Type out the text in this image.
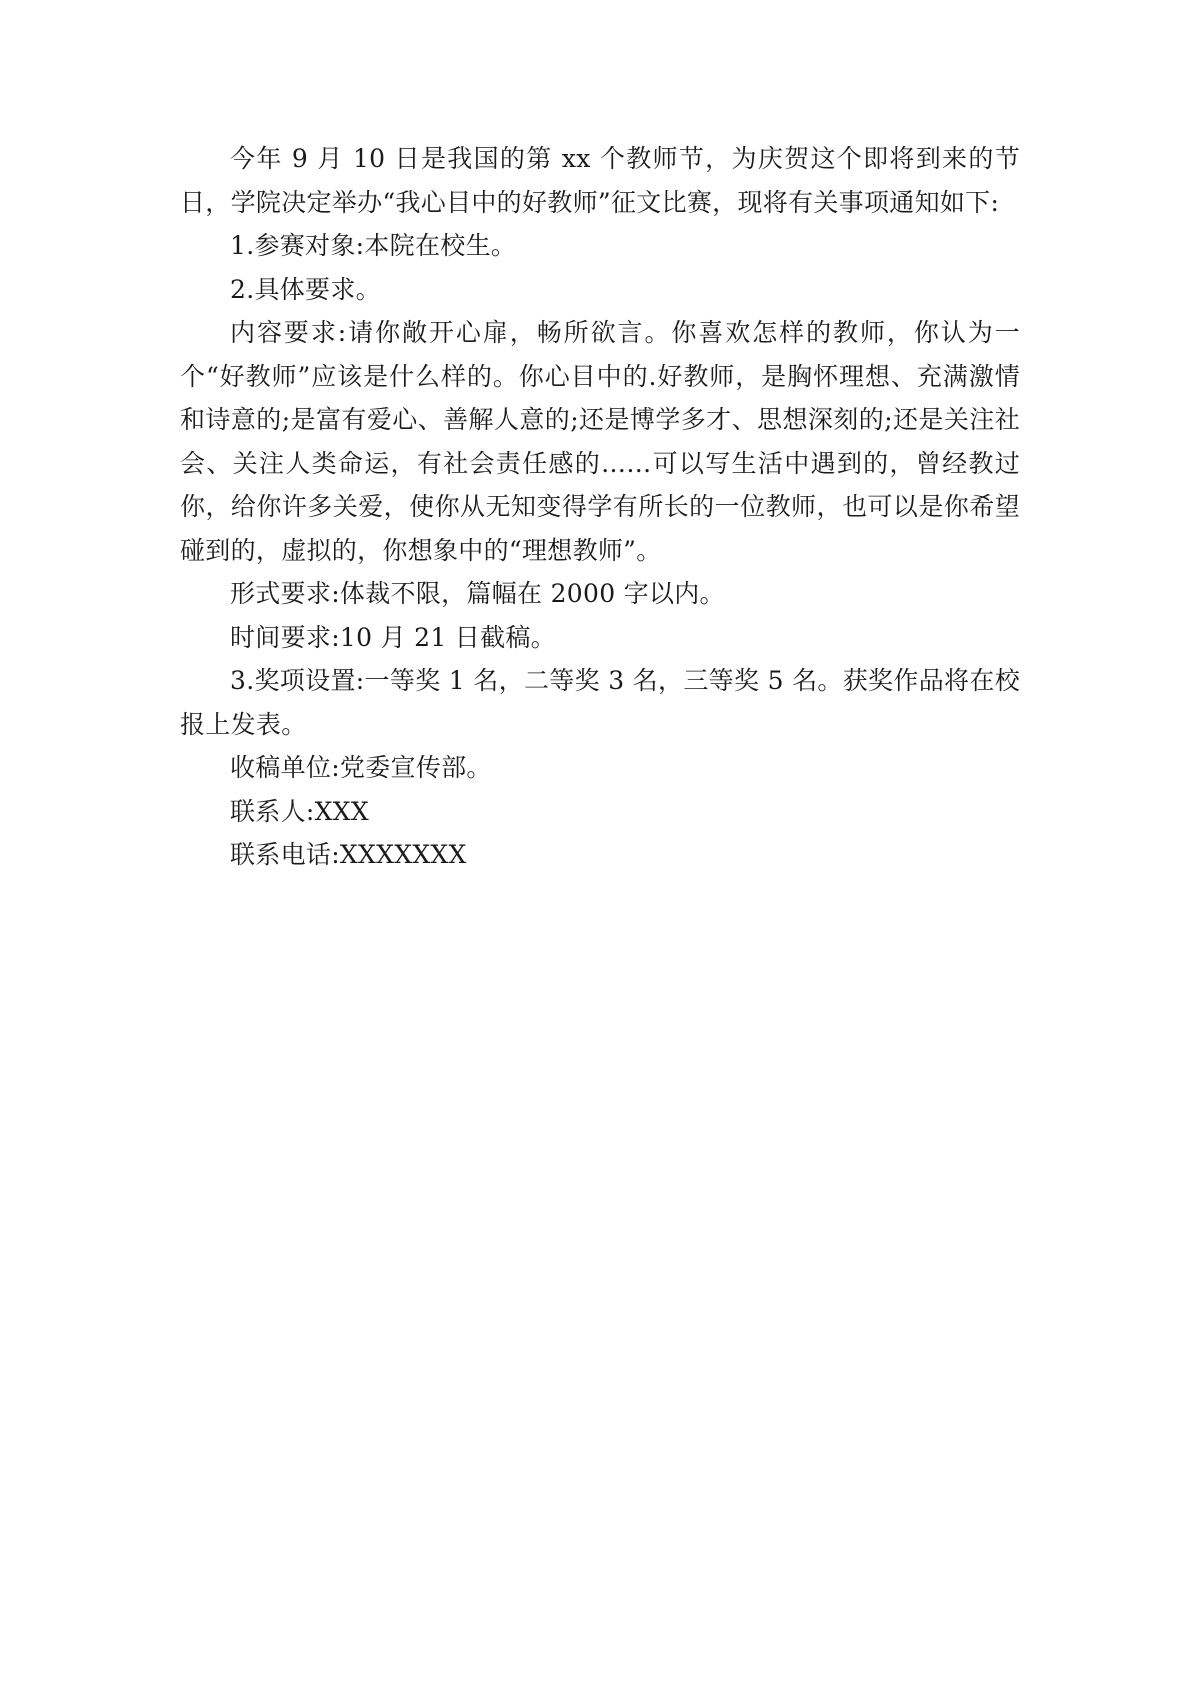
今年 9 月 10 日是我国的第 xx 个教师节，为庆贺这个即将到来的节日，学院决定举办“我心目中的好教师”征文比赛，现将有关事项通知如下:

1.参赛对象:本院在校生。

2.具体要求。

内容要求:请你敞开心扉，畅所欲言。你喜欢怎样的教师，你认为一个“好教师”应该是什么样的。你心目中的.好教师，是胸怀理想、充满激情和诗意的;是富有爱心、善解人意的;还是博学多才、思想深刻的;还是关注社会、关注人类命运，有社会责任感的……可以写生活中遇到的，曾经教过你，给你许多关爱，使你从无知变得学有所长的一位教师，也可以是你希望碰到的，虚拟的，你想象中的“理想教师”。

形式要求:体裁不限，篇幅在 2000 字以内。

时间要求:10 月 21 日截稿。

3.奖项设置:一等奖 1 名，二等奖 3 名，三等奖 5 名。获奖作品将在校报上发表。

收稿单位:党委宣传部。

联系人:XXX

联系电话:XXXXXXX
